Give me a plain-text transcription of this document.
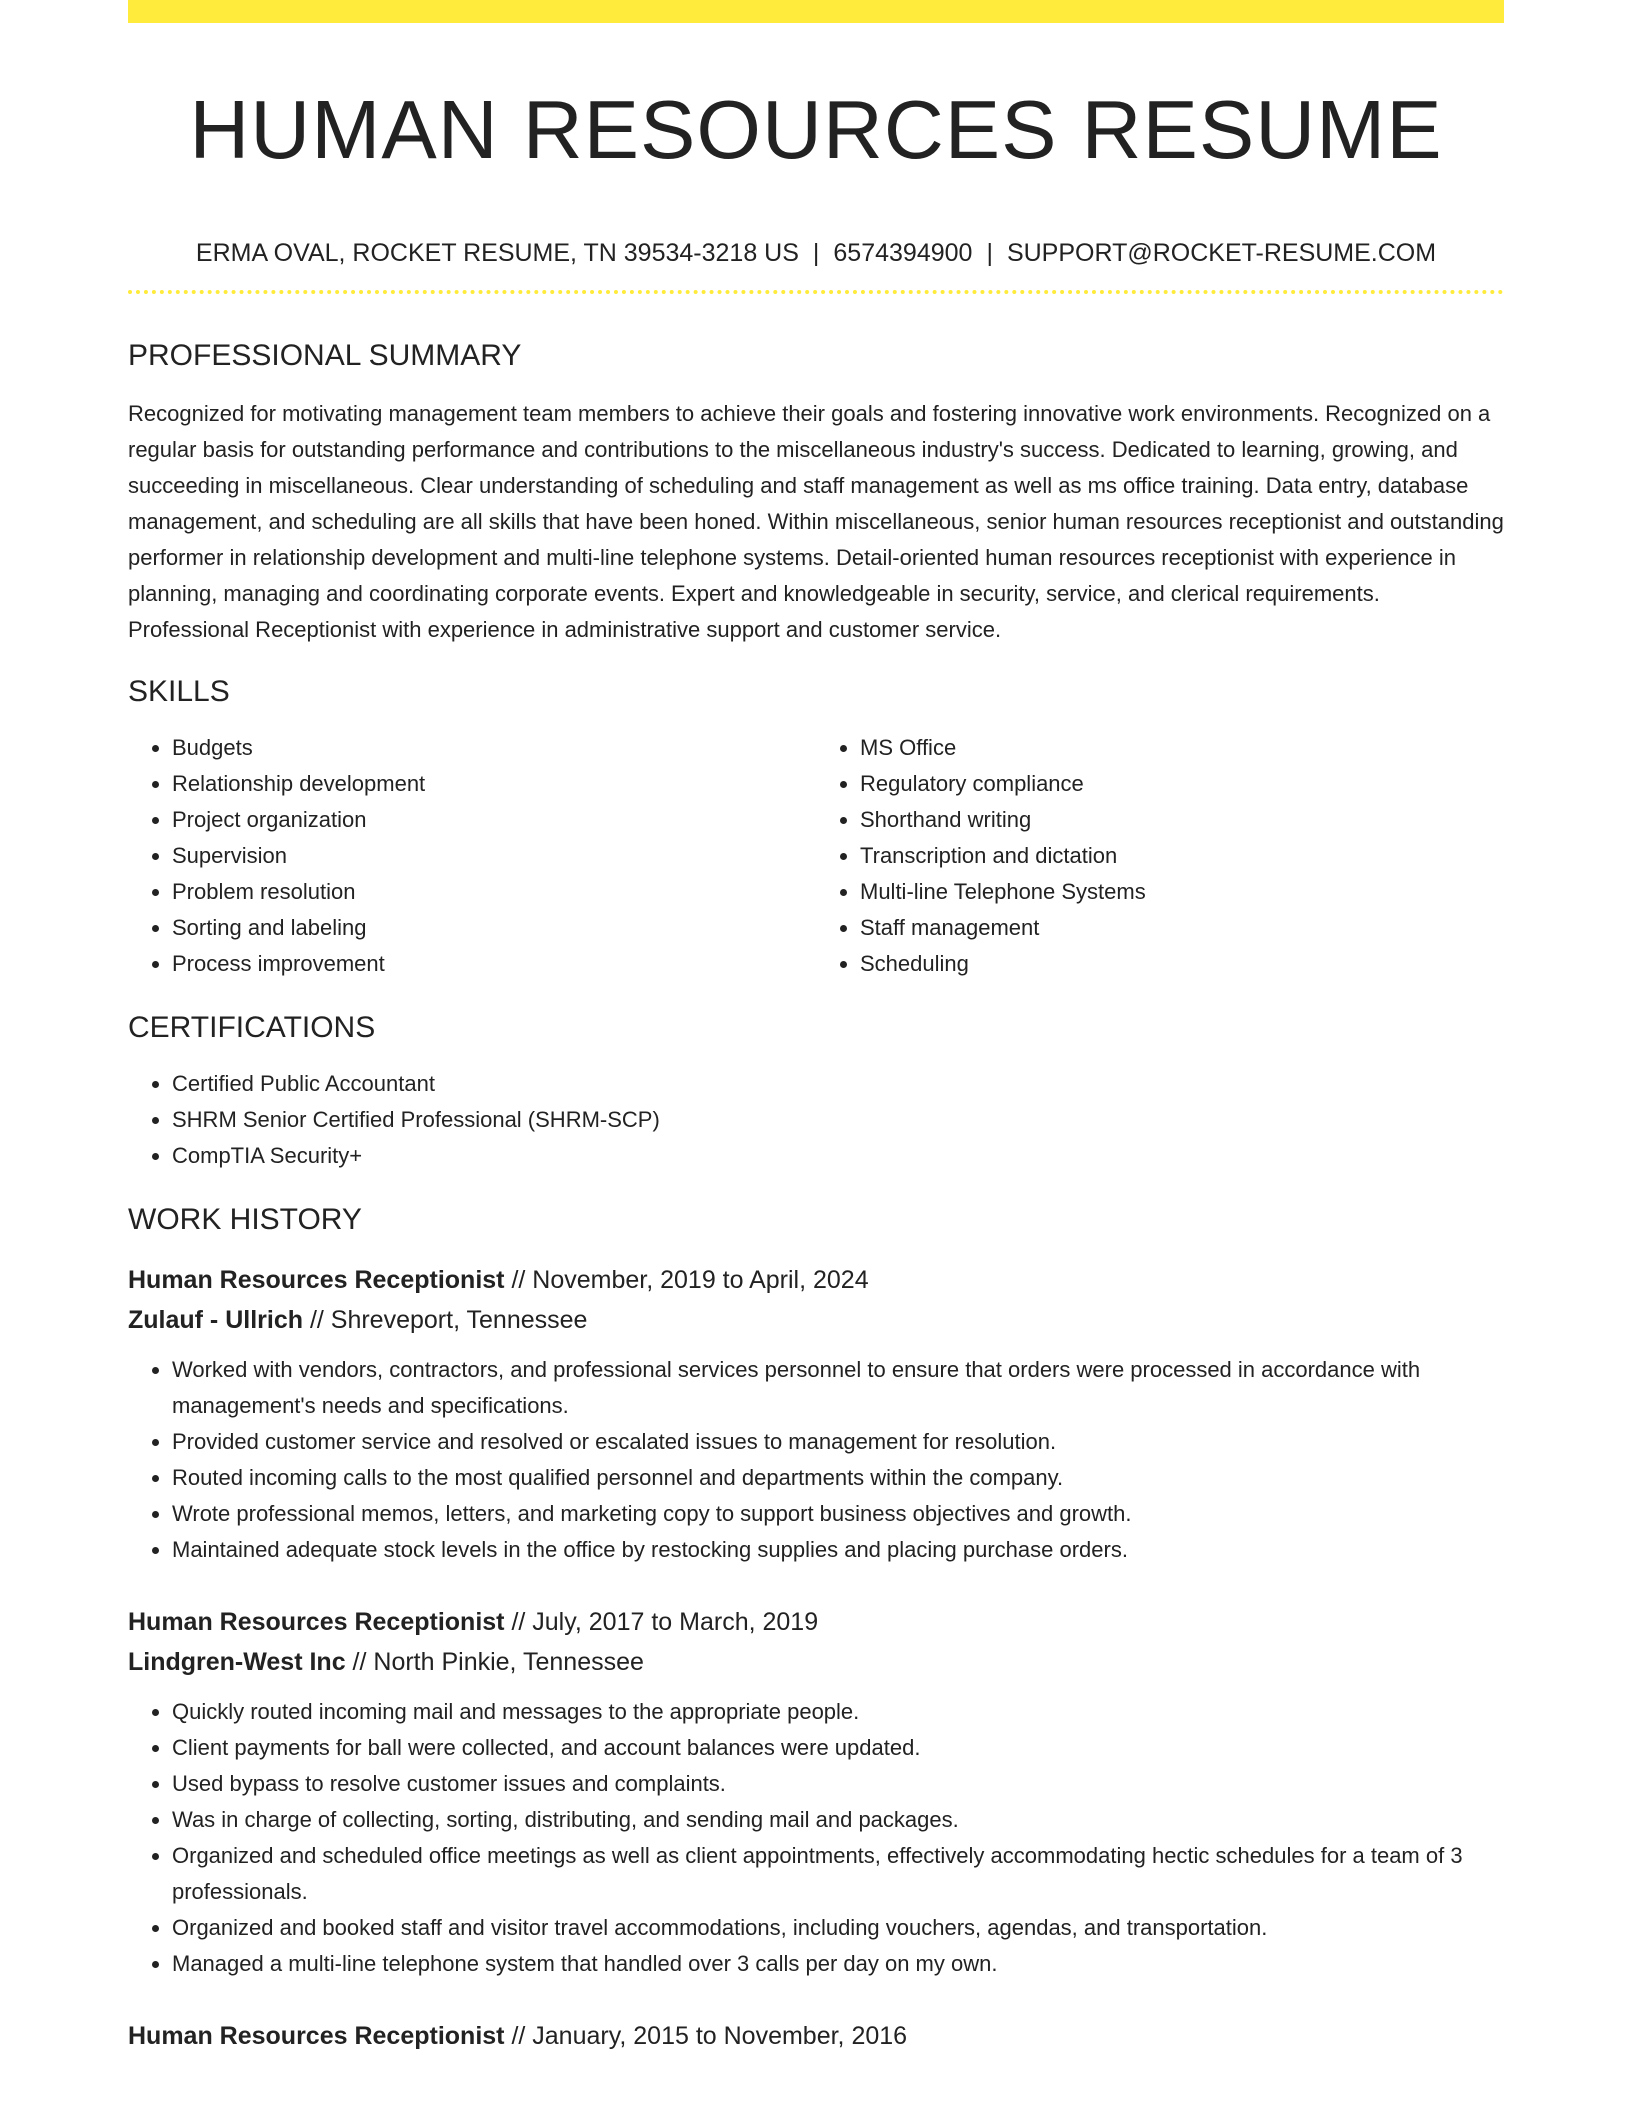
HUMAN RESOURCES RESUME
ERMA OVAL, ROCKET RESUME, TN 39534-3218 US | 6574394900 | SUPPORT@ROCKET-RESUME.COM
PROFESSIONAL SUMMARY

Recognized for motivating management team members to achieve their goals and fostering innovative work environments. Recognized on a regular basis for outstanding performance and contributions to the miscellaneous industry's success. Dedicated to learning, growing, and succeeding in miscellaneous. Clear understanding of scheduling and staff management as well as ms office training. Data entry, database management, and scheduling are all skills that have been honed. Within miscellaneous, senior human resources receptionist and outstanding performer in relationship development and multi-line telephone systems. Detail-oriented human resources receptionist with experience in planning, managing and coordinating corporate events. Expert and knowledgeable in security, service, and clerical requirements. Professional Receptionist with experience in administrative support and customer service.

SKILLS
• Budgets
• Relationship development
• Project organization
• Supervision
• Problem resolution
• Sorting and labeling
• Process improvement
• MS Office
• Regulatory compliance
• Shorthand writing
• Transcription and dictation
• Multi-line Telephone Systems
• Staff management
• Scheduling
CERTIFICATIONS
• Certified Public Accountant
• SHRM Senior Certified Professional (SHRM-SCP)
• CompTIA Security+
WORK HISTORY
Human Resources Receptionist // November, 2019 to April, 2024
Zulauf - Ullrich // Shreveport, Tennessee
• Worked with vendors, contractors, and professional services personnel to ensure that orders were processed in accordance with management's needs and specifications.
• Provided customer service and resolved or escalated issues to management for resolution.
• Routed incoming calls to the most qualified personnel and departments within the company.
• Wrote professional memos, letters, and marketing copy to support business objectives and growth.
• Maintained adequate stock levels in the office by restocking supplies and placing purchase orders.
Human Resources Receptionist // July, 2017 to March, 2019
Lindgren-West Inc // North Pinkie, Tennessee
• Quickly routed incoming mail and messages to the appropriate people.
• Client payments for ball were collected, and account balances were updated.
• Used bypass to resolve customer issues and complaints.
• Was in charge of collecting, sorting, distributing, and sending mail and packages.
• Organized and scheduled office meetings as well as client appointments, effectively accommodating hectic schedules for a team of 3 professionals.
• Organized and booked staff and visitor travel accommodations, including vouchers, agendas, and transportation.
• Managed a multi-line telephone system that handled over 3 calls per day on my own.
Human Resources Receptionist // January, 2015 to November, 2016
